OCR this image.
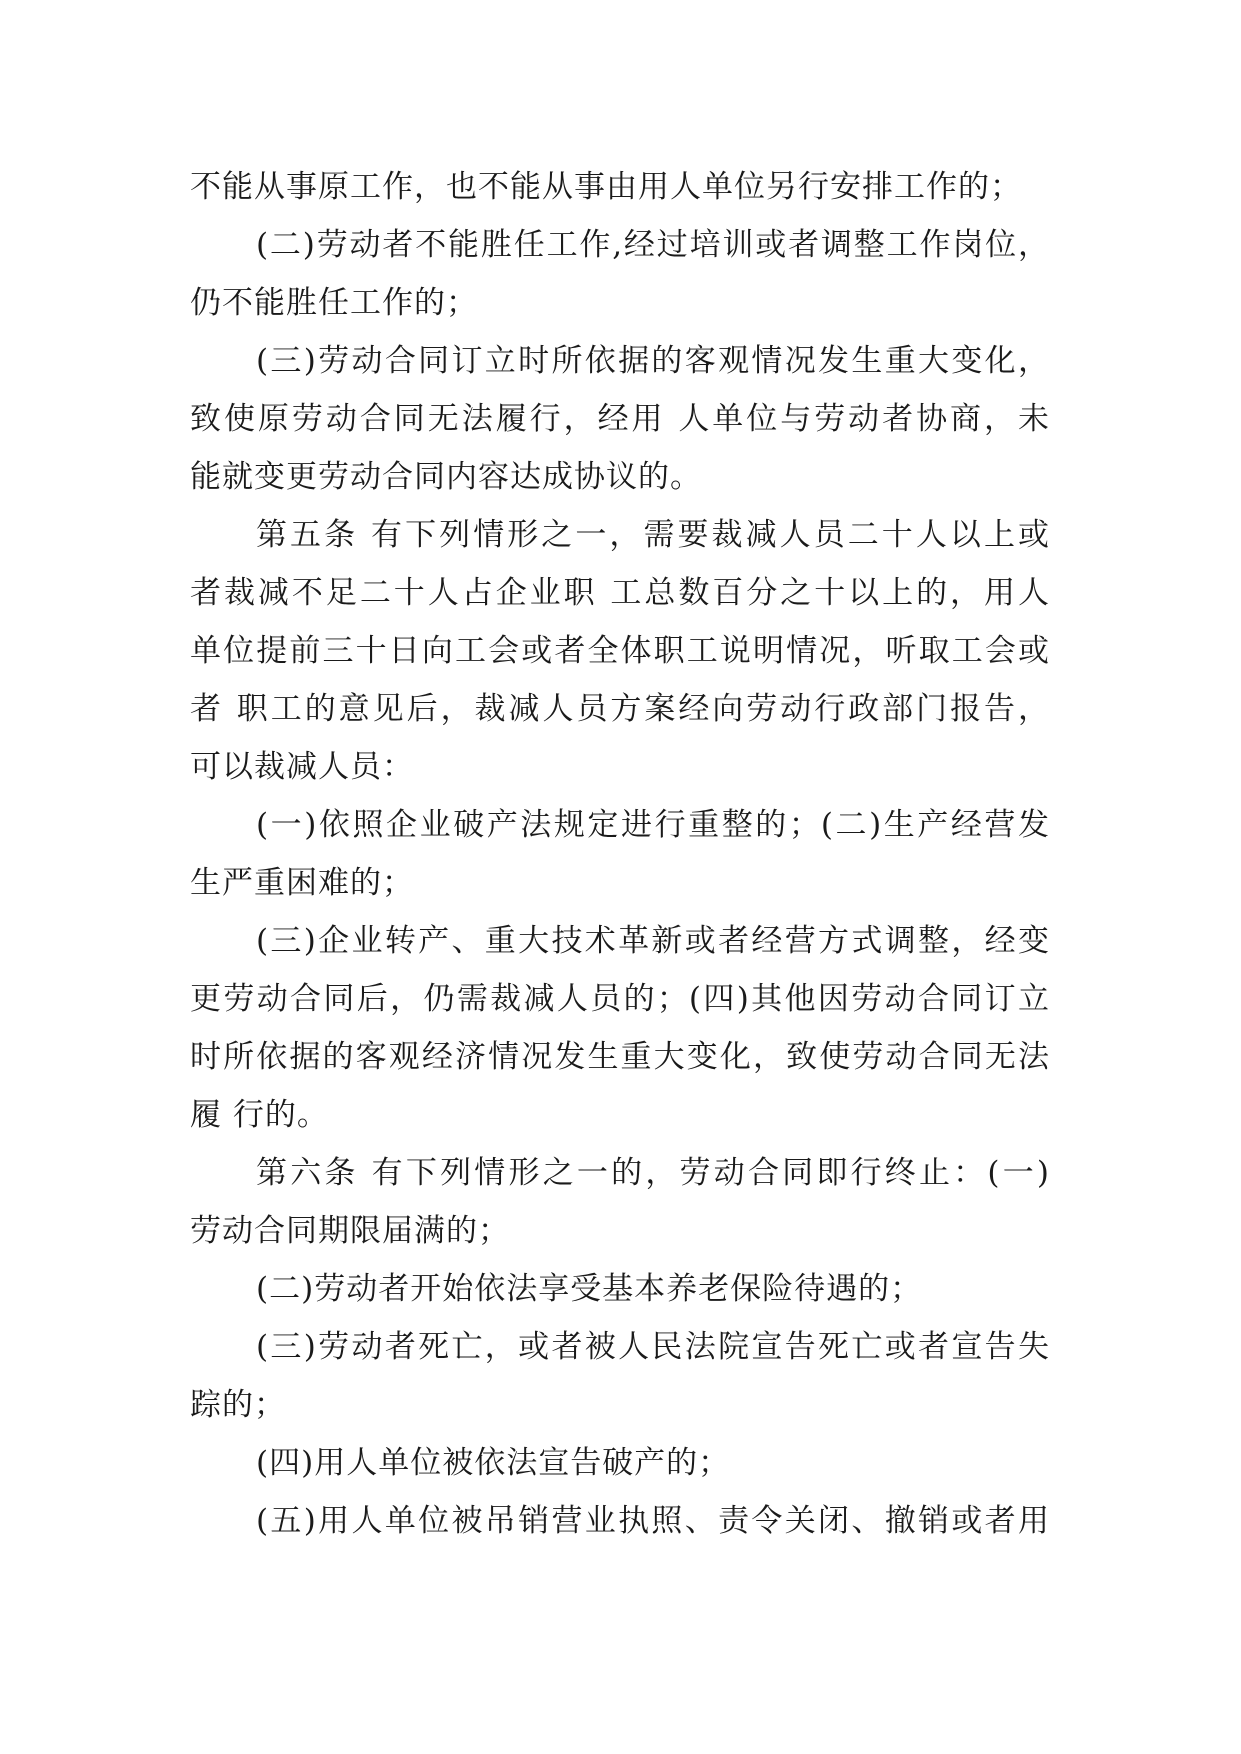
不能从事原工作，也不能从事由用人单位另行安排工作的；
(二)劳动者不能胜任工作,经过培训或者调整工作岗位，
仍不能胜任工作的；
(三)劳动合同订立时所依据的客观情况发生重大变化，
致使原劳动合同无法履行，经用 人单位与劳动者协商，未
能就变更劳动合同内容达成协议的。
第五条 有下列情形之一，需要裁减人员二十人以上或
者裁减不足二十人占企业职 工总数百分之十以上的，用人
单位提前三十日向工会或者全体职工说明情况，听取工会或
者 职工的意见后，裁减人员方案经向劳动行政部门报告，
可以裁减人员：
(一)依照企业破产法规定进行重整的；(二)生产经营发
生严重困难的；
(三)企业转产、重大技术革新或者经营方式调整，经变
更劳动合同后，仍需裁减人员的；(四)其他因劳动合同订立
时所依据的客观经济情况发生重大变化，致使劳动合同无法
履 行的。
第六条 有下列情形之一的，劳动合同即行终止：(一)
劳动合同期限届满的；
(二)劳动者开始依法享受基本养老保险待遇的；
(三)劳动者死亡，或者被人民法院宣告死亡或者宣告失
踪的；
(四)用人单位被依法宣告破产的；
(五)用人单位被吊销营业执照、责令关闭、撤销或者用
